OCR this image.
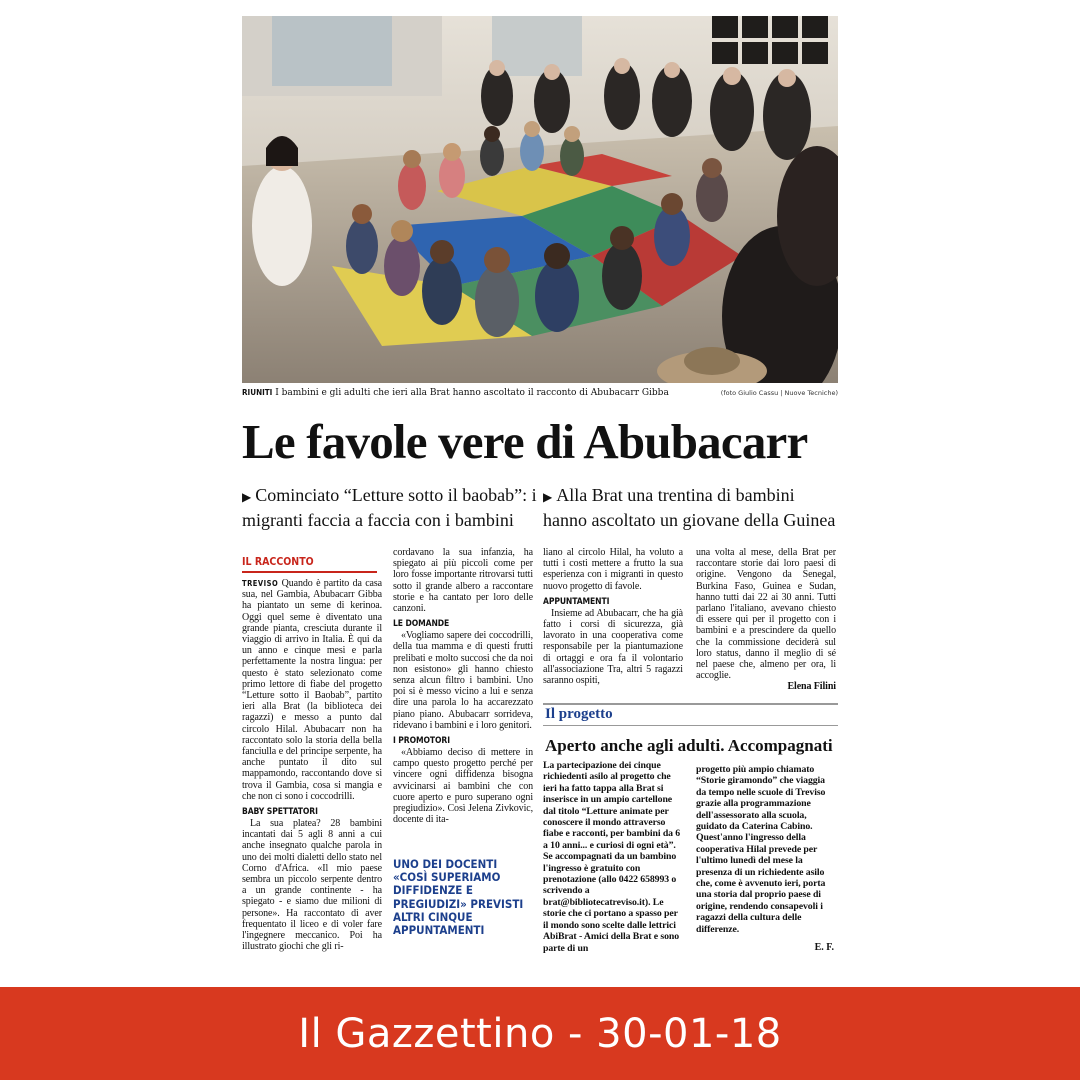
RIUNITI I bambini e gli adulti che ieri alla Brat hanno ascoltato il racconto di Abubacarr Gibba	(foto Giulio Cassu | Nuove Tecniche)
Le favole vere di Abubacarr
▶ Cominciato “Letture sotto il baobab”: i migranti faccia a faccia con i bambini
▶ Alla Brat una trentina di bambini hanno ascoltato un giovane della Guinea
IL RACCONTO

TREVISO Quando è partito da casa sua, nel Gambia, Abubacarr Gibba ha piantato un seme di kerinoa. Oggi quel seme è diventato una grande pianta, cresciuta durante il viaggio di arrivo in Italia. È qui da un anno e cinque mesi e parla perfettamente la nostra lingua: per questo è stato selezionato come primo lettore di fiabe del progetto “Letture sotto il Baobab”, partito ieri alla Brat (la biblioteca dei ragazzi) e messo a punto dal circolo Hilal. Abubacarr non ha raccontato solo la storia della bella fanciulla e del principe serpente, ha anche puntato il dito sul mappamondo, raccontando dove si trova il Gambia, cosa si mangia e che non ci sono i coccodrilli.

BABY SPETTATORI

La sua platea? 28 bambini incantati dai 5 agli 8 anni a cui anche insegnato qualche parola in uno dei molti dialetti dello stato nel Corno d'Africa. «Il mio paese sembra un piccolo serpente dentro a un grande continente - ha spiegato - e siamo due milioni di persone». Ha raccontato di aver frequentato il liceo e di voler fare l'ingegnere meccanico. Poi ha illustrato giochi che gli ri-

cordavano la sua infanzia, ha spiegato ai più piccoli come per loro fosse importante ritrovarsi tutti sotto il grande albero a raccontare storie e ha cantato per loro delle canzoni.

LE DOMANDE

«Vogliamo sapere dei coccodrilli, della tua mamma e di questi frutti prelibati e molto succosi che da noi non esistono» gli hanno chiesto senza alcun filtro i bambini. Uno poi si è messo vicino a lui e senza dire una parola lo ha accarezzato piano piano. Abubacarr sorrideva, ridevano i bambini e i loro genitori.

I PROMOTORI

«Abbiamo deciso di mettere in campo questo progetto perché per vincere ogni diffidenza bisogna avvicinarsi ai bambini che con cuore aperto e puro superano ogni pregiudizio». Così Jelena Zivkovic, docente di ita-

UNO DEI DOCENTI «COSÌ SUPERIAMO DIFFIDENZE E PREGIUDIZI» PREVISTI ALTRI CINQUE APPUNTAMENTI

liano al circolo Hilal, ha voluto a tutti i costi mettere a frutto la sua esperienza con i migranti in questo nuovo progetto di favole.

APPUNTAMENTI

Insieme ad Abubacarr, che ha già fatto i corsi di sicurezza, già lavorato in una cooperativa come responsabile per la piantumazione di ortaggi e ora fa il volontario all'associazione Tra, altri 5 ragazzi saranno ospiti,

una volta al mese, della Brat per raccontare storie dai loro paesi di origine. Vengono da Senegal, Burkina Faso, Guinea e Sudan, hanno tutti dai 22 ai 30 anni. Tutti parlano l'italiano, avevano chiesto di essere qui per il progetto con i bambini e a prescindere da quello che la commissione deciderà sul loro status, danno il meglio di sé nel paese che, almeno per ora, li accoglie.

Elena Filini

Il progetto
Aperto anche agli adulti. Accompagnati

La partecipazione dei cinque richiedenti asilo al progetto che ieri ha fatto tappa alla Brat si inserisce in un ampio cartellone dal titolo “Letture animate per conoscere il mondo attraverso fiabe e racconti, per bambini da 6 a 10 anni... e curiosi di ogni età”. Se accompagnati da un bambino l'ingresso è gratuito con prenotazione (allo 0422 658993 o scrivendo a brat@bibliotecatreviso.it). Le storie che ci portano a spasso per il mondo sono scelte dalle lettrici AbiBrat - Amici della Brat e sono parte di un

progetto più ampio chiamato “Storie giramondo” che viaggia da tempo nelle scuole di Treviso grazie alla programmazione dell'assessorato alla scuola, guidato da Caterina Cabino. Quest'anno l'ingresso della cooperativa Hilal prevede per l'ultimo lunedì del mese la presenza di un richiedente asilo che, come è avvenuto ieri, porta una storia dal proprio paese di origine, rendendo consapevoli i ragazzi della cultura delle differenze.

E. F.
Il Gazzettino - 30-01-18
